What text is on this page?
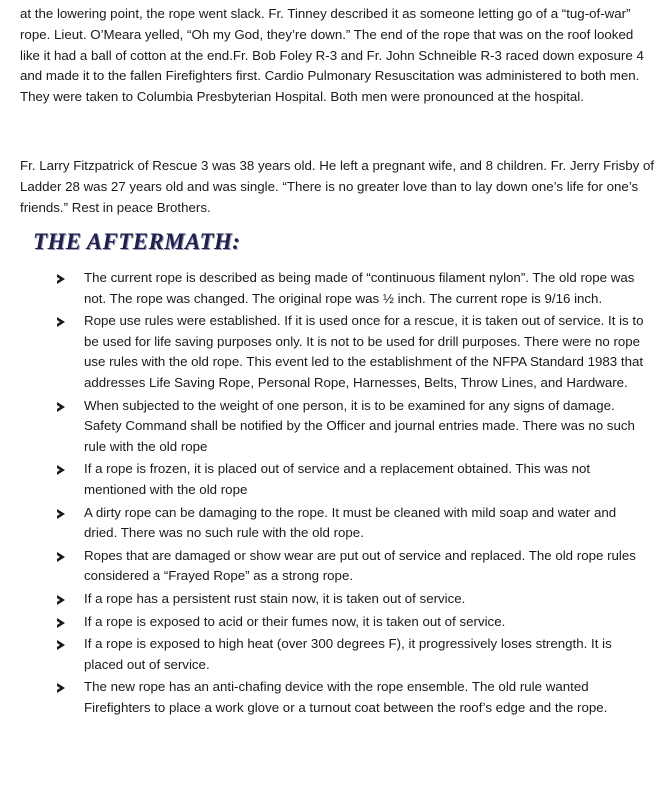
at the lowering point, the rope went slack. Fr. Tinney described it as someone letting go of a “tug-of-war” rope. Lieut. O’Meara yelled, “Oh my God, they’re down.” The end of the rope that was on the roof looked like it had a ball of cotton at the end.Fr. Bob Foley R-3 and Fr. John Schneible R-3 raced down exposure 4 and made it to the fallen Firefighters first. Cardio Pulmonary Resuscitation was administered to both men. They were taken to Columbia Presbyterian Hospital. Both men were pronounced at the hospital.

Fr. Larry Fitzpatrick of Rescue 3 was 38 years old. He left a pregnant wife, and 8 children. Fr. Jerry Frisby of Ladder 28 was 27 years old and was single. “There is no greater love than to lay down one’s life for one’s friends.” Rest in peace Brothers.

THE AFTERMATH:
The current rope is described as being made of “continuous filament nylon”. The old rope was not. The rope was changed. The original rope was ½ inch. The current rope is 9/16 inch.
Rope use rules were established. If it is used once for a rescue, it is taken out of service. It is to be used for life saving purposes only. It is not to be used for drill purposes. There were no rope use rules with the old rope. This event led to the establishment of the NFPA Standard 1983 that addresses Life Saving Rope, Personal Rope, Harnesses, Belts, Throw Lines, and Hardware.
When subjected to the weight of one person, it is to be examined for any signs of damage. Safety Command shall be notified by the Officer and journal entries made. There was no such rule with the old rope
If a rope is frozen, it is placed out of service and a replacement obtained. This was not mentioned with the old rope
A dirty rope can be damaging to the rope. It must be cleaned with mild soap and water and dried. There was no such rule with the old rope.
Ropes that are damaged or show wear are put out of service and replaced. The old rope rules considered a “Frayed Rope” as a strong rope.
If a rope has a persistent rust stain now, it is taken out of service.
If a rope is exposed to acid or their fumes now, it is taken out of service.
If a rope is exposed to high heat (over 300 degrees F), it progressively loses strength. It is placed out of service.
The new rope has an anti-chafing device with the rope ensemble. The old rule wanted Firefighters to place a work glove or a turnout coat between the roof’s edge and the rope.
